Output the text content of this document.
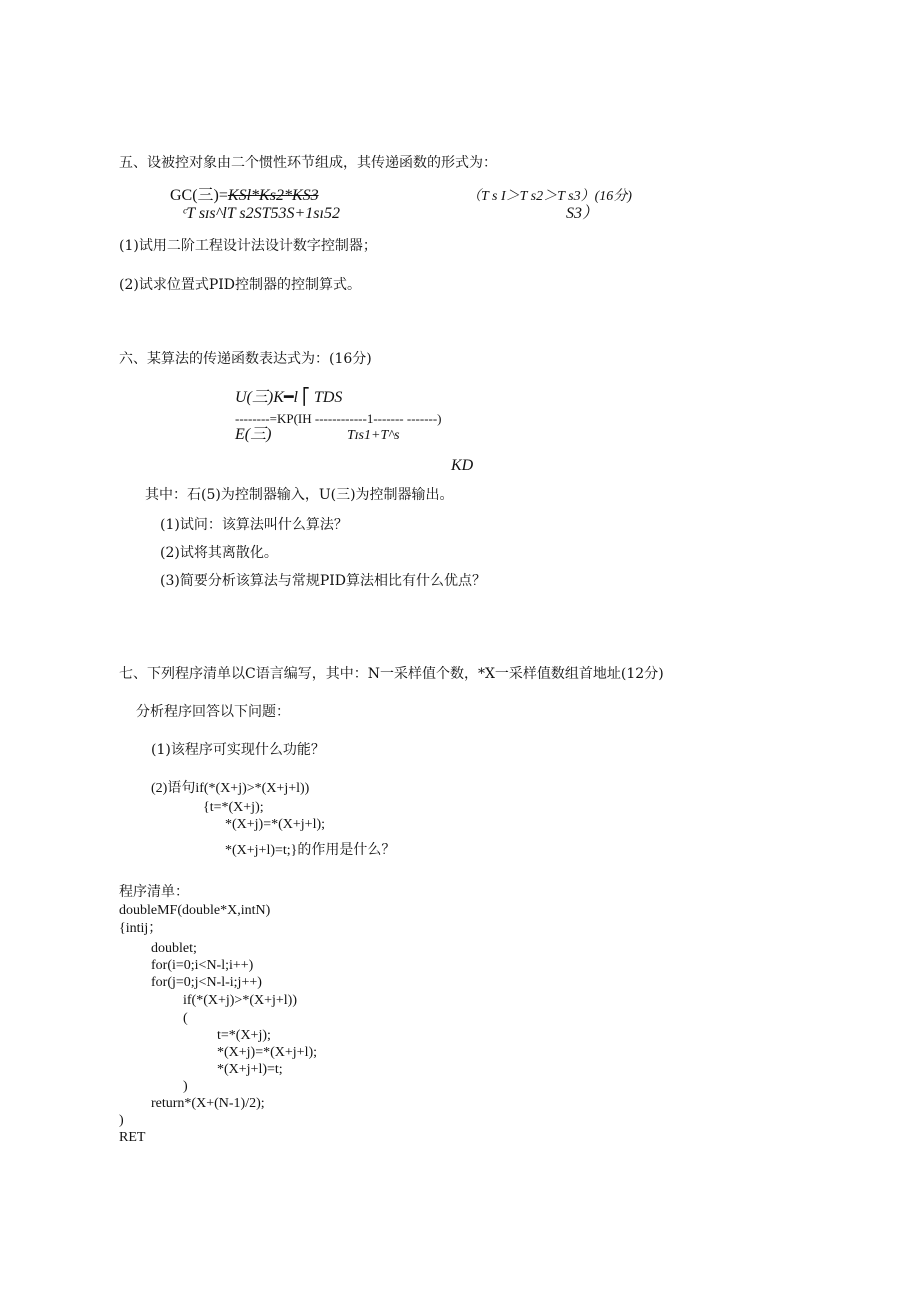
五、设被控对象由二个惯性环节组成，其传递函数的形式为：
GC(三)=KSl*Ks2*KS3	（T s I＞T s2＞T s3）(16分)
ᶜT sɪs^lT s2ST53S+1sı52	S3）
(1)试用二阶工程设计法设计数字控制器；
(2)试求位置式PID控制器的控制算式。
六、某算法的传递函数表达式为：(16分)
U(三)K━l ⎡ TDS
--------=KP(IH ------------1------- -------)
E(三)	Tɪs1+T^s
KD
其中：石(5)为控制器输入，U(三)为控制器输出。
(1)试问：该算法叫什么算法？
(2)试将其离散化。
(3)简要分析该算法与常规PID算法相比有什么优点？
七、下列程序清单以C语言编写，其中：N一采样值个数，*X一采样值数组首地址(12分)
分析程序回答以下问题：
(1)该程序可实现什么功能？
(2)语句if(*(X+j)>*(X+j+l))
{t=*(X+j);
*(X+j)=*(X+j+l);
*(X+j+l)=t;}的作用是什么？
程序清单：
doubleMF(double*X,intN)
{intij；
doublet;
for(i=0;i<N-l;i++)
for(j=0;j<N-l-i;j++)
if(*(X+j)>*(X+j+l))
(
t=*(X+j);
*(X+j)=*(X+j+l);
*(X+j+l)=t;
)
return*(X+(N-1)/2);
)
RET
